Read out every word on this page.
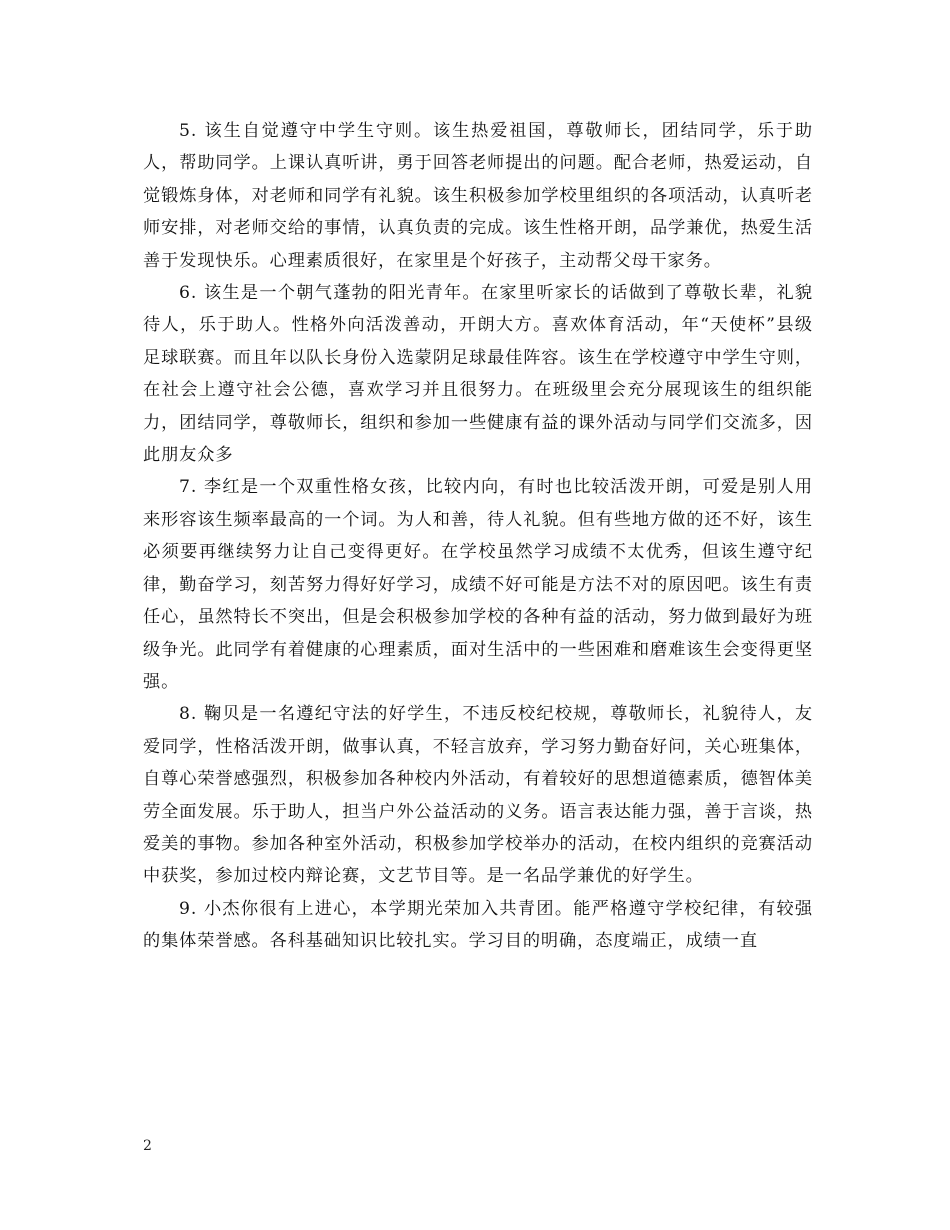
5. 该生自觉遵守中学生守则。该生热爱祖国，尊敬师长，团结同学，乐于助人，帮助同学。上课认真听讲，勇于回答老师提出的问题。配合老师，热爱运动，自觉锻炼身体，对老师和同学有礼貌。该生积极参加学校里组织的各项活动，认真听老师安排，对老师交给的事情，认真负责的完成。该生性格开朗，品学兼优，热爱生活善于发现快乐。心理素质很好，在家里是个好孩子，主动帮父母干家务。

6. 该生是一个朝气蓬勃的阳光青年。在家里听家长的话做到了尊敬长辈，礼貌待人，乐于助人。性格外向活泼善动，开朗大方。喜欢体育活动，年“天使杯”县级足球联赛。而且年以队长身份入选蒙阴足球最佳阵容。该生在学校遵守中学生守则，在社会上遵守社会公德，喜欢学习并且很努力。在班级里会充分展现该生的组织能力，团结同学，尊敬师长，组织和参加一些健康有益的课外活动与同学们交流多，因此朋友众多

7. 李红是一个双重性格女孩，比较内向，有时也比较活泼开朗，可爱是别人用来形容该生频率最高的一个词。为人和善，待人礼貌。但有些地方做的还不好，该生必须要再继续努力让自己变得更好。在学校虽然学习成绩不太优秀，但该生遵守纪律，勤奋学习，刻苦努力得好好学习，成绩不好可能是方法不对的原因吧。该生有责任心，虽然特长不突出，但是会积极参加学校的各种有益的活动，努力做到最好为班级争光。此同学有着健康的心理素质，面对生活中的一些困难和磨难该生会变得更坚强。

8. 鞠贝是一名遵纪守法的好学生，不违反校纪校规，尊敬师长，礼貌待人，友爱同学，性格活泼开朗，做事认真，不轻言放弃，学习努力勤奋好问，关心班集体，自尊心荣誉感强烈，积极参加各种校内外活动，有着较好的思想道德素质，德智体美劳全面发展。乐于助人，担当户外公益活动的义务。语言表达能力强，善于言谈，热爱美的事物。参加各种室外活动，积极参加学校举办的活动，在校内组织的竞赛活动中获奖，参加过校内辩论赛，文艺节目等。是一名品学兼优的好学生。

9. 小杰你很有上进心，本学期光荣加入共青团。能严格遵守学校纪律，有较强的集体荣誉感。各科基础知识比较扎实。学习目的明确，态度端正，成绩一直

2
